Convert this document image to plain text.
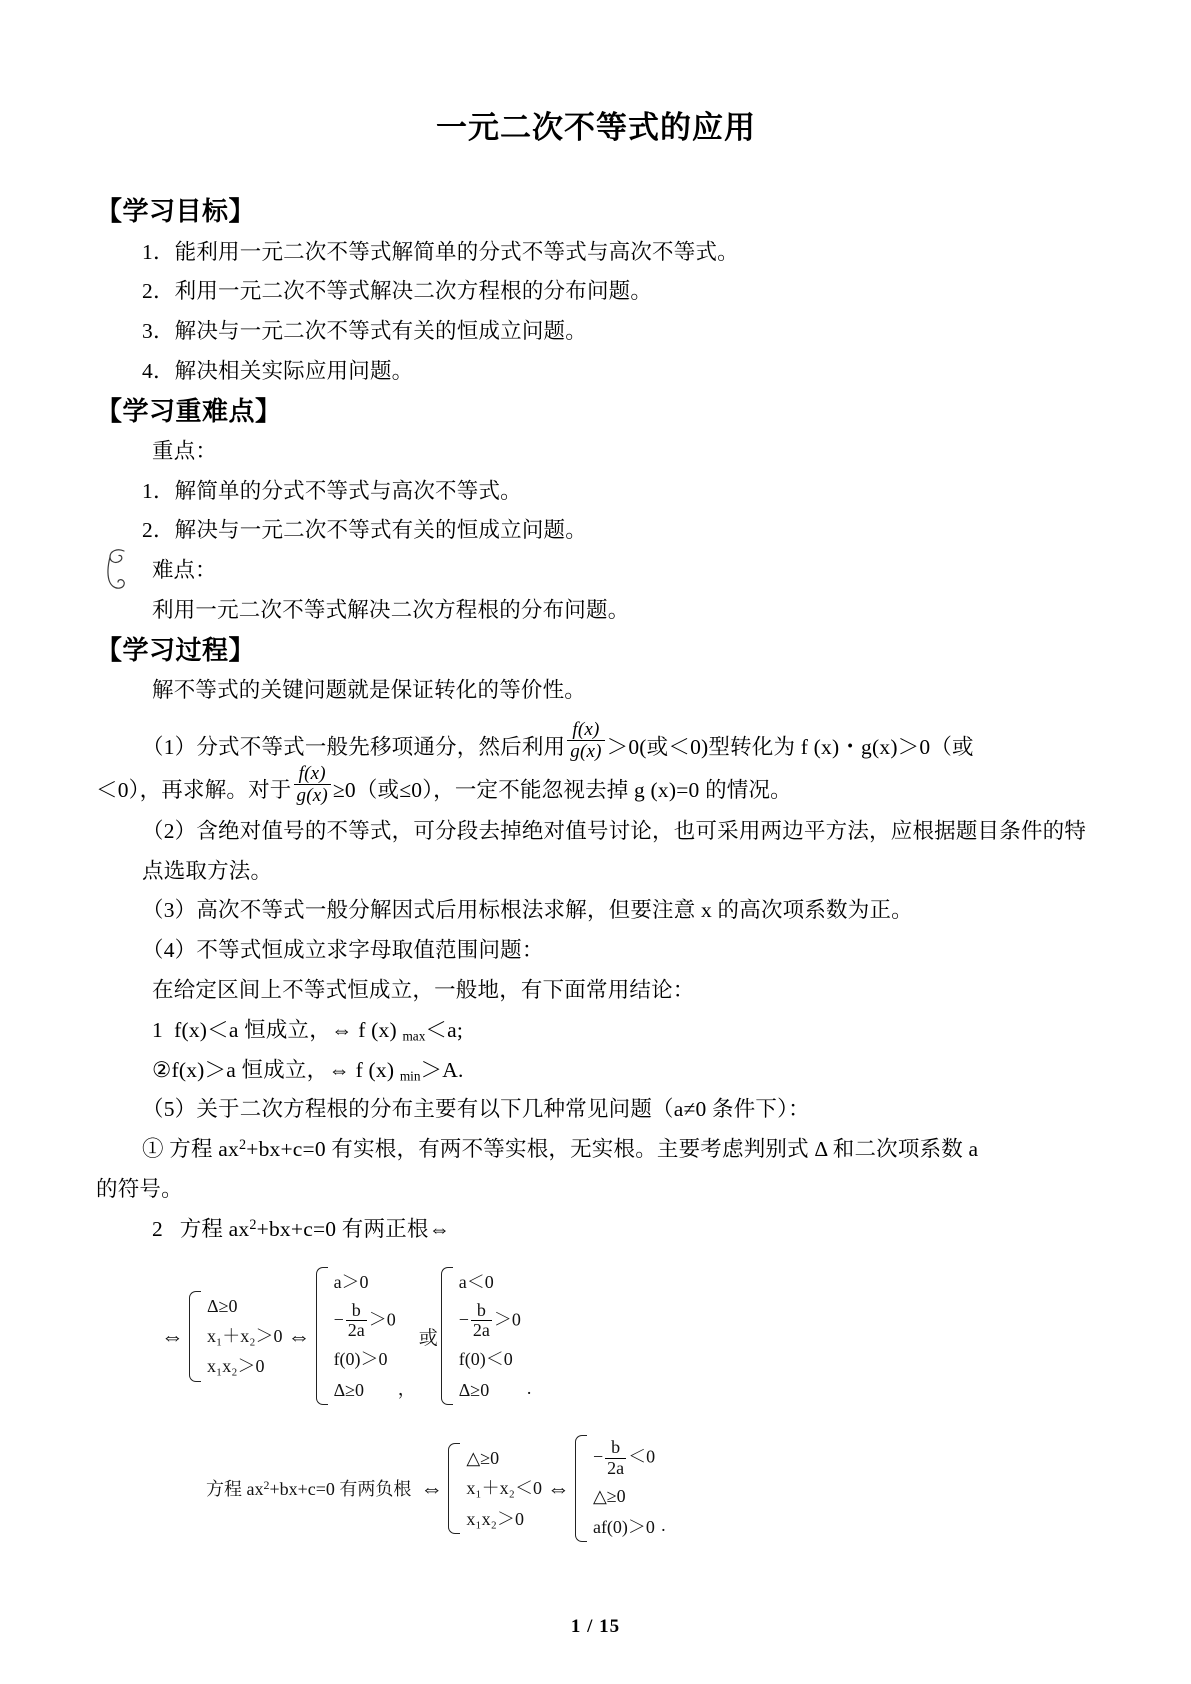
一元二次不等式的应用
【学习目标】
1．能利用一元二次不等式解简单的分式不等式与高次不等式。
2．利用一元二次不等式解决二次方程根的分布问题。
3．解决与一元二次不等式有关的恒成立问题。
4．解决相关实际应用问题。
【学习重难点】
重点：
1．解简单的分式不等式与高次不等式。
2．解决与一元二次不等式有关的恒成立问题。
难点：
利用一元二次不等式解决二次方程根的分布问题。
【学习过程】
解不等式的关键问题就是保证转化的等价性。
（1）分式不等式一般先移项通分，然后利用 $\frac{f(x)}{g(x)} >0$(或＜0)型转化为 f (x)・g(x)＞0（或
＜0），再求解。对于 $\frac{f(x)}{g(x)} \ge 0$（或≤0），一定不能忽视去掉 g (x)=0 的情况。
（2）含绝对值号的不等式，可分段去掉绝对值号讨论，也可采用两边平方法，应根据题目条件的特点选取方法。
（3）高次不等式一般分解因式后用标根法求解，但要注意 x 的高次项系数为正。
（4）不等式恒成立求字母取值范围问题：
在给定区间上不等式恒成立，一般地，有下面常用结论：
1 f(x)＜a 恒成立，⇔ f (x) $_{max}$＜a;
②f(x)＞a 恒成立，⇔ f (x) $_{min}$＞A.
（5）关于二次方程根的分布主要有以下几种常见问题（a≠0 条件下）：
① 方程 $ax^2+bx+c=0$ 有实根，有两不等实根，无实根。主要考虑判别式 Δ 和二次项系数 a
的符号。
2 方程 $ax^2+bx+c=0$ 有两正根⇔
⇔
Δ≥0
x₁＋x₂＞0
x₁x₂＞0
⇔
a＞0
− $\frac{b}{2a} >0$
f(0)＞0
Δ≥0	，
或
a＜0
− $\frac{b}{2a} >0$
f(0)＜0
Δ≥0	.
方程 $ax^2+bx+c=0$ 有两负根 ⇔
△≥0
x₁＋x₂＜0
x₁x₂＞0
⇔
− $\frac{b}{2a} <0$
△≥0
af(0)＞0 .
1 / 15
